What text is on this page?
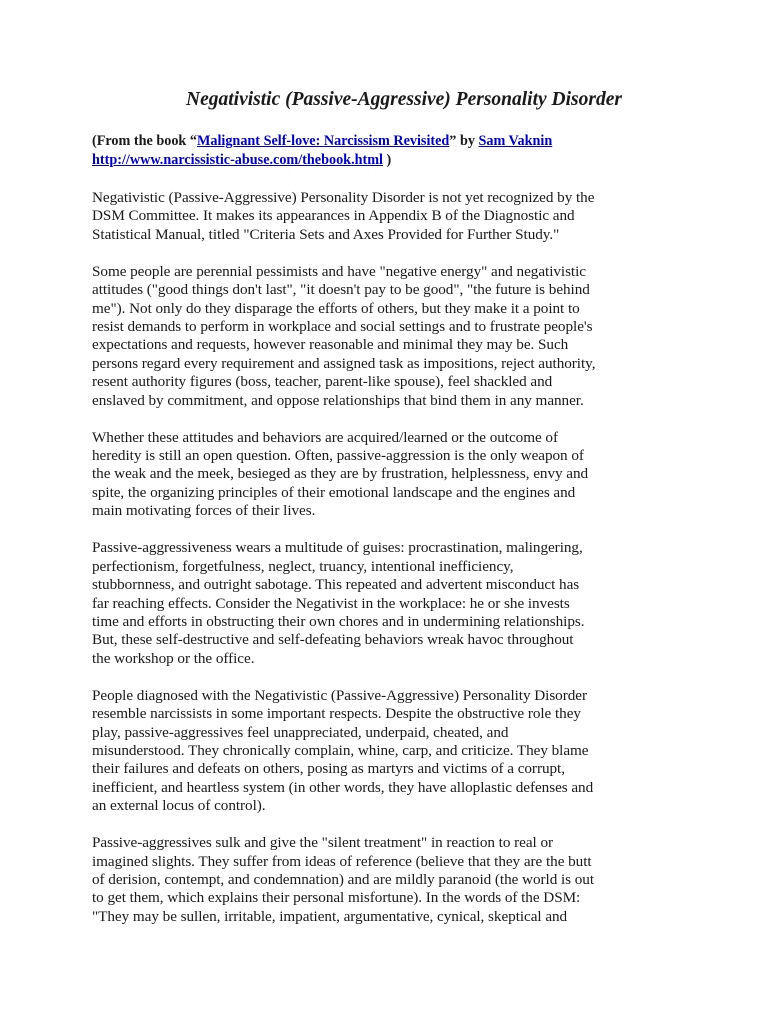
Negativistic (Passive-Aggressive) Personality Disorder
(From the book “Malignant Self-love: Narcissism Revisited” by Sam Vaknin
http://www.narcissistic-abuse.com/thebook.html )

Negativistic (Passive-Aggressive) Personality Disorder is not yet recognized by the
DSM Committee. It makes its appearances in Appendix B of the Diagnostic and
Statistical Manual, titled "Criteria Sets and Axes Provided for Further Study."

Some people are perennial pessimists and have "negative energy" and negativistic
attitudes ("good things don't last", "it doesn't pay to be good", "the future is behind
me"). Not only do they disparage the efforts of others, but they make it a point to
resist demands to perform in workplace and social settings and to frustrate people's
expectations and requests, however reasonable and minimal they may be. Such
persons regard every requirement and assigned task as impositions, reject authority,
resent authority figures (boss, teacher, parent-like spouse), feel shackled and
enslaved by commitment, and oppose relationships that bind them in any manner.

Whether these attitudes and behaviors are acquired/learned or the outcome of
heredity is still an open question. Often, passive-aggression is the only weapon of
the weak and the meek, besieged as they are by frustration, helplessness, envy and
spite, the organizing principles of their emotional landscape and the engines and
main motivating forces of their lives.

Passive-aggressiveness wears a multitude of guises: procrastination, malingering,
perfectionism, forgetfulness, neglect, truancy, intentional inefficiency,
stubbornness, and outright sabotage. This repeated and advertent misconduct has
far reaching effects. Consider the Negativist in the workplace: he or she invests
time and efforts in obstructing their own chores and in undermining relationships.
But, these self-destructive and self-defeating behaviors wreak havoc throughout
the workshop or the office.

People diagnosed with the Negativistic (Passive-Aggressive) Personality Disorder
resemble narcissists in some important respects. Despite the obstructive role they
play, passive-aggressives feel unappreciated, underpaid, cheated, and
misunderstood. They chronically complain, whine, carp, and criticize. They blame
their failures and defeats on others, posing as martyrs and victims of a corrupt,
inefficient, and heartless system (in other words, they have alloplastic defenses and
an external locus of control).

Passive-aggressives sulk and give the "silent treatment" in reaction to real or
imagined slights. They suffer from ideas of reference (believe that they are the butt
of derision, contempt, and condemnation) and are mildly paranoid (the world is out
to get them, which explains their personal misfortune). In the words of the DSM:
"They may be sullen, irritable, impatient, argumentative, cynical, skeptical and
